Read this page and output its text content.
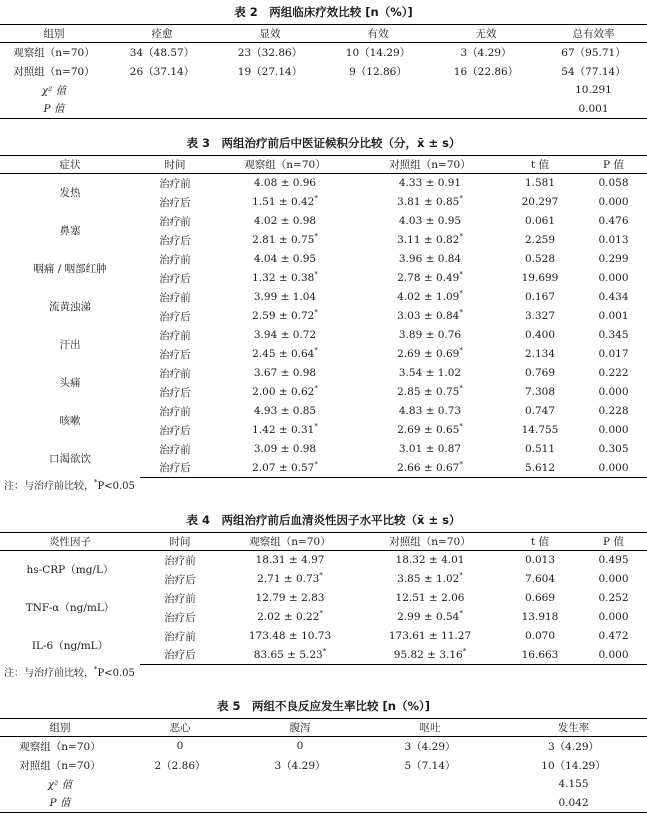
表 2　两组临床疗效比较 [n（%）]
组别	痊愈	显效	有效	无效	总有效率
观察组（n=70）	34（48.57）	23（32.86）	10（14.29）	3（4.29）	67（95.71）
对照组（n=70）	26（37.14）	19（27.14）	9（12.86）	16（22.86）	54（77.14）
χ² 值					10.291
P 值					0.001
表 3　两组治疗前后中医证候积分比较（分，x̄ ± s）
症状	时间	观察组（n=70）	对照组（n=70）	t 值	P 值
发热	治疗前	4.08 ± 0.96	4.33 ± 0.91	1.581	0.058
	治疗后	1.51 ± 0.42*	3.81 ± 0.85*	20.297	0.000
鼻塞	治疗前	4.02 ± 0.98	4.03 ± 0.95	0.061	0.476
	治疗后	2.81 ± 0.75*	3.11 ± 0.82*	2.259	0.013
咽痛 / 咽部红肿	治疗前	4.04 ± 0.95	3.96 ± 0.84	0.528	0.299
	治疗后	1.32 ± 0.38*	2.78 ± 0.49*	19.699	0.000
流黄浊涕	治疗前	3.99 ± 1.04	4.02 ± 1.09*	0.167	0.434
	治疗后	2.59 ± 0.72*	3.03 ± 0.84*	3.327	0.001
汗出	治疗前	3.94 ± 0.72	3.89 ± 0.76	0.400	0.345
	治疗后	2.45 ± 0.64*	2.69 ± 0.69*	2.134	0.017
头痛	治疗前	3.67 ± 0.98	3.54 ± 1.02	0.769	0.222
	治疗后	2.00 ± 0.62*	2.85 ± 0.75*	7.308	0.000
咳嗽	治疗前	4.93 ± 0.85	4.83 ± 0.73	0.747	0.228
	治疗后	1.42 ± 0.31*	2.69 ± 0.65*	14.755	0.000
口渴欲饮	治疗前	3.09 ± 0.98	3.01 ± 0.87	0.511	0.305
	治疗后	2.07 ± 0.57*	2.66 ± 0.67*	5.612	0.000
注：与治疗前比较，*P<0.05
表 4　两组治疗前后血清炎性因子水平比较（x̄ ± s）
炎性因子	时间	观察组（n=70）	对照组（n=70）	t 值	P 值
hs-CRP（mg/L）	治疗前	18.31 ± 4.97	18.32 ± 4.01	0.013	0.495
	治疗后	2.71 ± 0.73*	3.85 ± 1.02*	7.604	0.000
TNF-α（ng/mL）	治疗前	12.79 ± 2.83	12.51 ± 2.06	0.669	0.252
	治疗后	2.02 ± 0.22*	2.99 ± 0.54*	13.918	0.000
IL-6（ng/mL）	治疗前	173.48 ± 10.73	173.61 ± 11.27	0.070	0.472
	治疗后	83.65 ± 5.23*	95.82 ± 3.16*	16.663	0.000
注：与治疗前比较，*P<0.05
表 5　两组不良反应发生率比较 [n（%）]
组别	恶心	腹泻	呕吐	发生率
观察组（n=70）	0	0	3（4.29）	3（4.29）
对照组（n=70）	2（2.86）	3（4.29）	5（7.14）	10（14.29）
χ² 值				4.155
P 值				0.042
